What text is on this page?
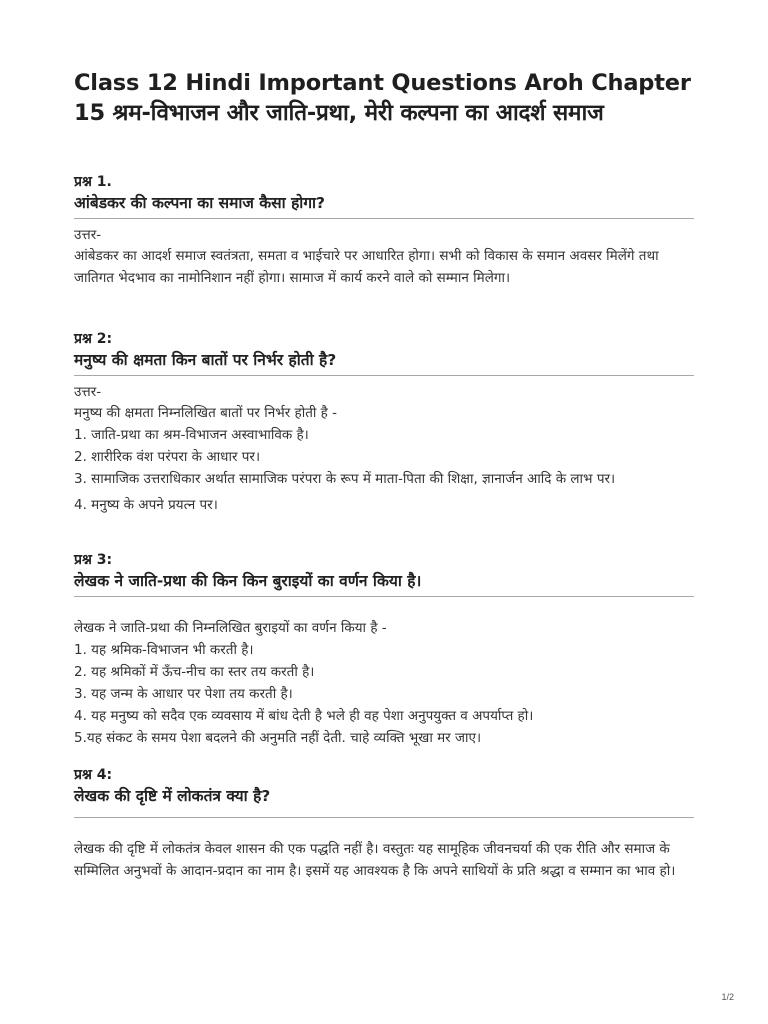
Class 12 Hindi Important Questions Aroh Chapter 15 श्रम-विभाजन और जाति-प्रथा, मेरी कल्पना का आदर्श समाज
प्रश्न 1.
आंबेडकर की कल्पना का समाज कैसा होगा?
उत्तर-
आंबेडकर का आदर्श समाज स्वतंत्रता, समता व भाईचारे पर आधारित होगा। सभी को विकास के समान अवसर मिलेंगे तथा जातिगत भेदभाव का नामोनिशान नहीं होगा। सामाज में कार्य करने वाले को सम्मान मिलेगा।
प्रश्न 2:
मनुष्य की क्षमता किन बातों पर निर्भर होती है?
उत्तर-
मनुष्य की क्षमता निम्नलिखित बातों पर निर्भर होती है -
1. जाति-प्रथा का श्रम-विभाजन अस्वाभाविक है।
2. शारीरिक वंश परंपरा के आधार पर।
3. सामाजिक उत्तराधिकार अर्थात सामाजिक परंपरा के रूप में माता-पिता की शिक्षा, ज्ञानार्जन आदि के लाभ पर।
4. मनुष्य के अपने प्रयत्न पर।
प्रश्न 3:
लेखक ने जाति-प्रथा की किन किन बुराइयों का वर्णन किया है।
लेखक ने जाति-प्रथा की निम्नलिखित बुराइयों का वर्णन किया है -
1. यह श्रमिक-विभाजन भी करती है।
2. यह श्रमिकों में ऊँच-नीच का स्तर तय करती है।
3. यह जन्म के आधार पर पेशा तय करती है।
4. यह मनुष्य को सदैव एक व्यवसाय में बांध देती है भले ही वह पेशा अनुपयुक्त व अपर्याप्त हो।
5.यह संकट के समय पेशा बदलने की अनुमति नहीं देती. चाहे व्यक्ति भूखा मर जाए।
प्रश्न 4:
लेखक की दृष्टि में लोकतंत्र क्या है?
लेखक की दृष्टि में लोकतंत्र केवल शासन की एक पद्धति नहीं है। वस्तुतः यह सामूहिक जीवनचर्या की एक रीति और समाज के सम्मिलित अनुभवों के आदान-प्रदान का नाम है। इसमें यह आवश्यक है कि अपने साथियों के प्रति श्रद्धा व सम्मान का भाव हो।
1/2
